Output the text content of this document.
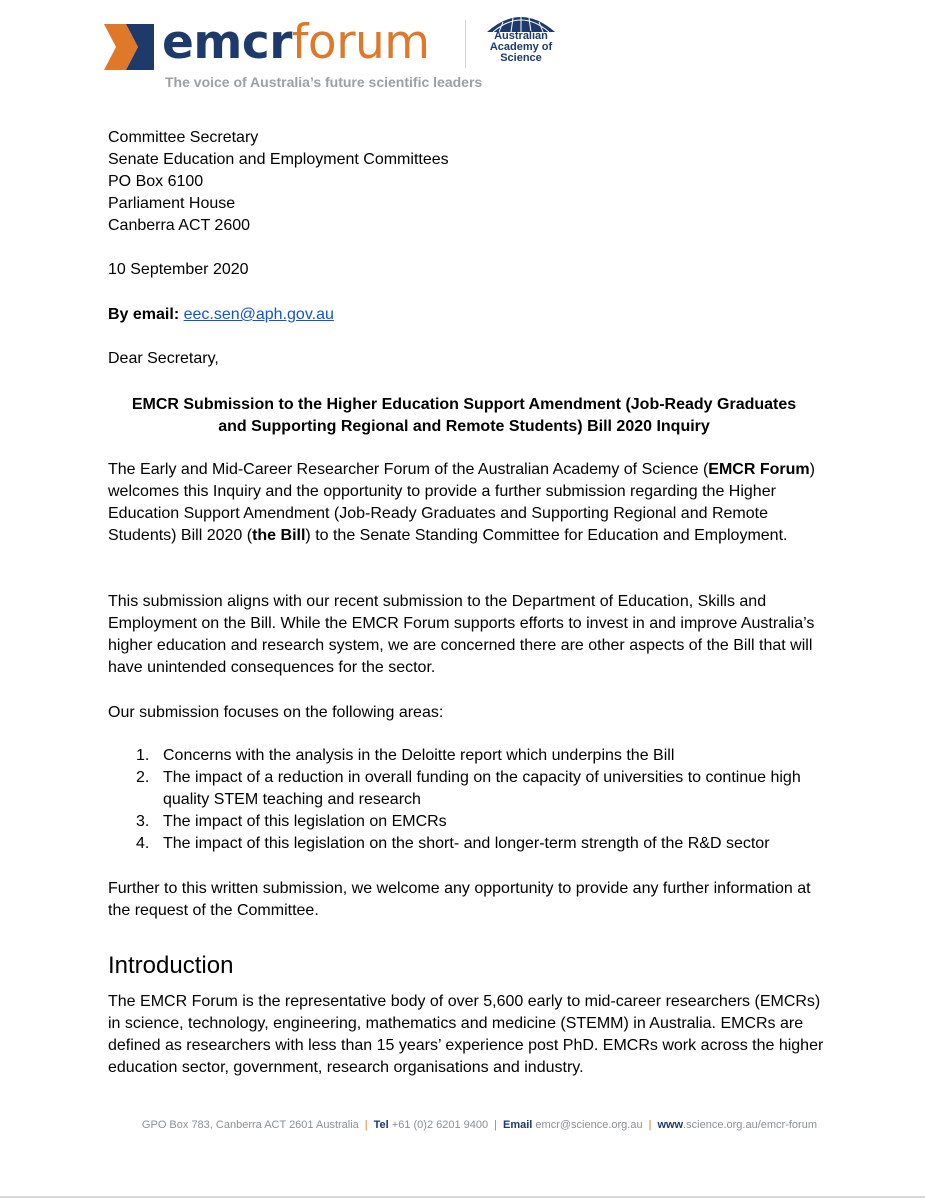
emcrforum
The voice of Australia’s future scientific leaders
Australian
Academy of
Science
Committee Secretary
Senate Education and Employment Committees
PO Box 6100
Parliament House
Canberra ACT 2600
10 September 2020
By email: eec.sen@aph.gov.au
Dear Secretary,
EMCR Submission to the Higher Education Support Amendment (Job-Ready Graduates
and Supporting Regional and Remote Students) Bill 2020 Inquiry
The Early and Mid-Career Researcher Forum of the Australian Academy of Science (EMCR Forum) welcomes this Inquiry and the opportunity to provide a further submission regarding the Higher Education Support Amendment (Job-Ready Graduates and Supporting Regional and Remote Students) Bill 2020 (the Bill) to the Senate Standing Committee for Education and Employment.
This submission aligns with our recent submission to the Department of Education, Skills and Employment on the Bill. While the EMCR Forum supports efforts to invest in and improve Australia’s higher education and research system, we are concerned there are other aspects of the Bill that will have unintended consequences for the sector.
Our submission focuses on the following areas:
1. Concerns with the analysis in the Deloitte report which underpins the Bill
2. The impact of a reduction in overall funding on the capacity of universities to continue high quality STEM teaching and research
3. The impact of this legislation on EMCRs
4. The impact of this legislation on the short- and longer-term strength of the R&D sector
Further to this written submission, we welcome any opportunity to provide any further information at the request of the Committee.
Introduction
The EMCR Forum is the representative body of over 5,600 early to mid-career researchers (EMCRs) in science, technology, engineering, mathematics and medicine (STEMM) in Australia. EMCRs are defined as researchers with less than 15 years’ experience post PhD. EMCRs work across the higher education sector, government, research organisations and industry.
GPO Box 783, Canberra ACT 2601 Australia | Tel +61 (0)2 6201 9400 | Email emcr@science.org.au | www.science.org.au/emcr-forum
